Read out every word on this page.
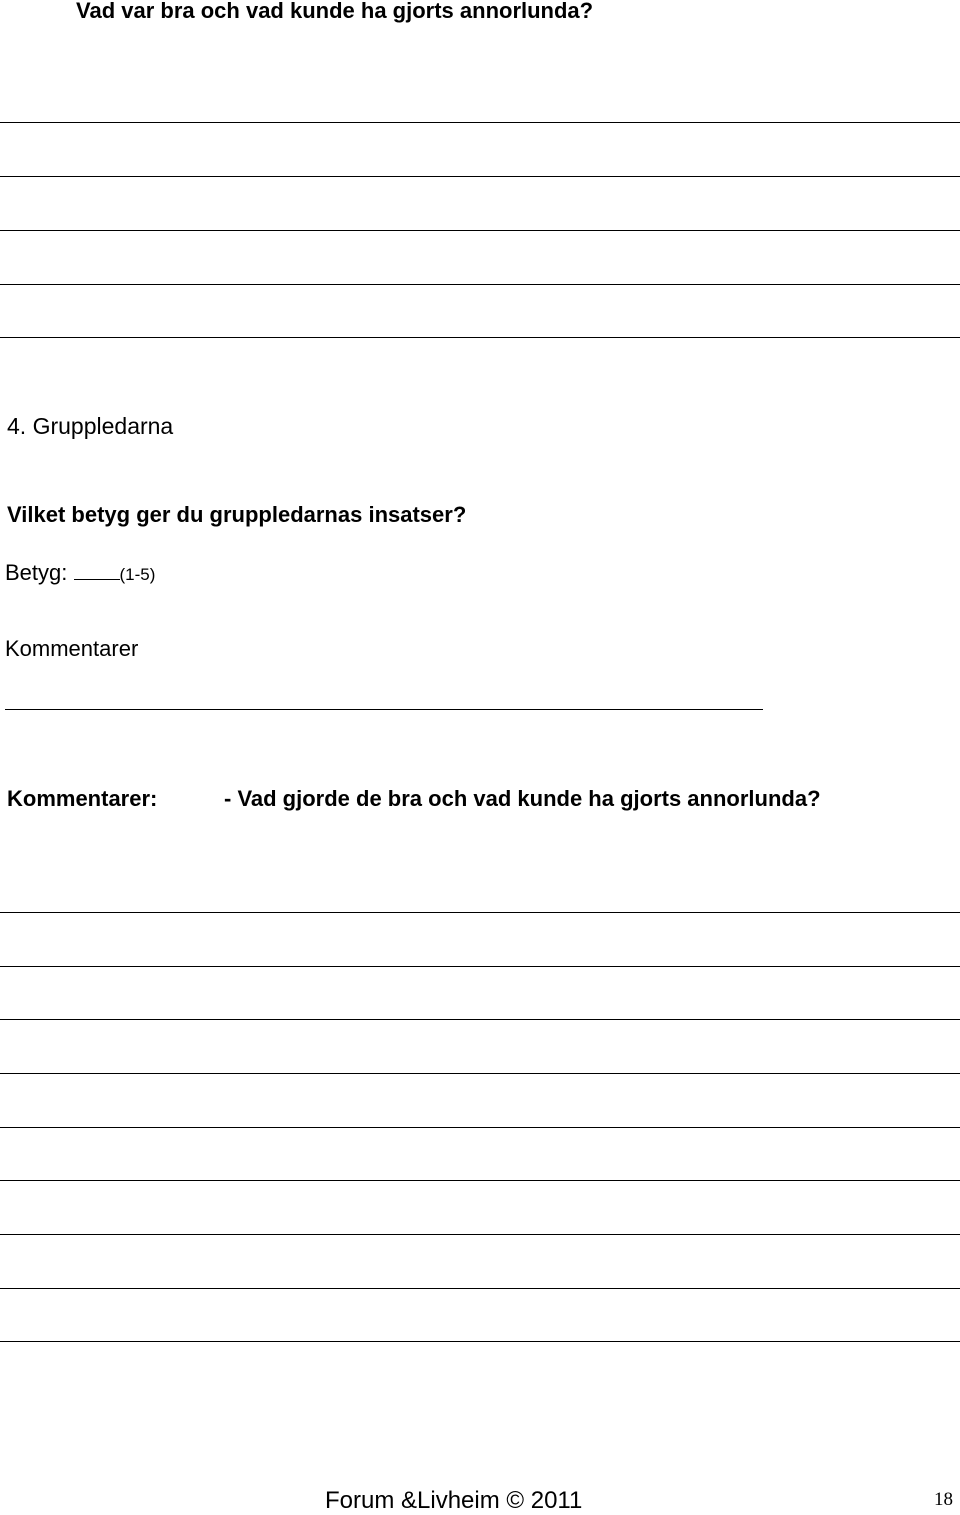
Vad var bra och vad kunde ha gjorts annorlunda?
4. Gruppledarna
Vilket betyg ger du gruppledarnas insatser?
Betyg:	(1-5)
Kommentarer
Kommentarer:	- Vad gjorde de bra och vad kunde ha gjorts annorlunda?
Forum &Livheim © 2011	18
